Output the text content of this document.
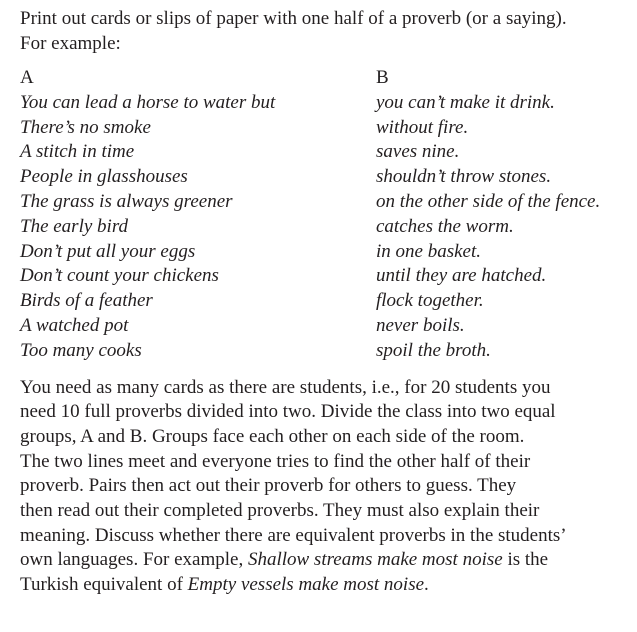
Print out cards or slips of paper with one half of a proverb (or a saying).
For example:

A
You can lead a horse to water but
There’s no smoke
A stitch in time
People in glasshouses
The grass is always greener
The early bird
Don’t put all your eggs
Don’t count your chickens
Birds of a feather
A watched pot
Too many cooks
B
you can’t make it drink.
without fire.
saves nine.
shouldn’t throw stones.
on the other side of the fence.
catches the worm.
in one basket.
until they are hatched.
flock together.
never boils.
spoil the broth.

You need as many cards as there are students, i.e., for 20 students you
need 10 full proverbs divided into two. Divide the class into two equal
groups, A and B. Groups face each other on each side of the room.
The two lines meet and everyone tries to find the other half of their
proverb. Pairs then act out their proverb for others to guess. They
then read out their completed proverbs. They must also explain their
meaning. Discuss whether there are equivalent proverbs in the students’
own languages. For example, Shallow streams make most noise is the
Turkish equivalent of Empty vessels make most noise.
